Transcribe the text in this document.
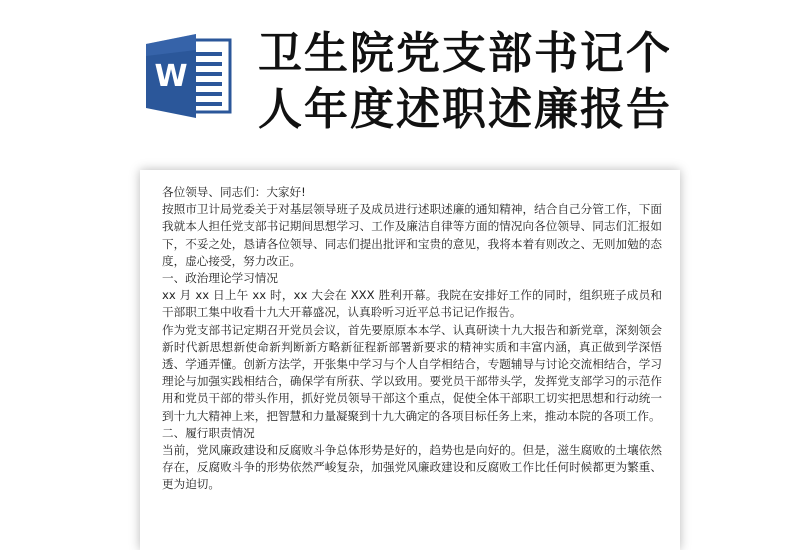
W 卫生院党支部书记个
人年度述职述廉报告

各位领导、同志们：大家好!

按照市卫计局党委关于对基层领导班子及成员进行述职述廉的通知精神，结合自己分管工作，下面我就本人担任党支部书记期间思想学习、工作及廉洁自律等方面的情况向各位领导、同志们汇报如下，不妥之处，恳请各位领导、同志们提出批评和宝贵的意见，我将本着有则改之、无则加勉的态度，虚心接受，努力改正。

一、政治理论学习情况

xx 月 xx 日上午 xx 时，xx 大会在 XXX 胜利开幕。我院在安排好工作的同时，组织班子成员和干部职工集中收看十九大开幕盛况，认真聆听习近平总书记记作报告。

作为党支部书记定期召开党员会议，首先要原原本本学、认真研读十九大报告和新党章，深刻领会新时代新思想新使命新判断新方略新征程新部署新要求的精神实质和丰富内涵，真正做到学深悟透、学通弄懂。创新方法学，开张集中学习与个人自学相结合，专题辅导与讨论交流相结合，学习理论与加强实践相结合，确保学有所获、学以致用。要党员干部带头学，发挥党支部学习的示范作用和党员干部的带头作用，抓好党员领导干部这个重点，促使全体干部职工切实把思想和行动统一到十九大精神上来，把智慧和力量凝聚到十九大确定的各项目标任务上来，推动本院的各项工作。

二、履行职责情况

当前，党风廉政建设和反腐败斗争总体形势是好的，趋势也是向好的。但是，滋生腐败的土壤依然存在，反腐败斗争的形势依然严峻复杂，加强党风廉政建设和反腐败工作比任何时候都更为繁重、更为迫切。
